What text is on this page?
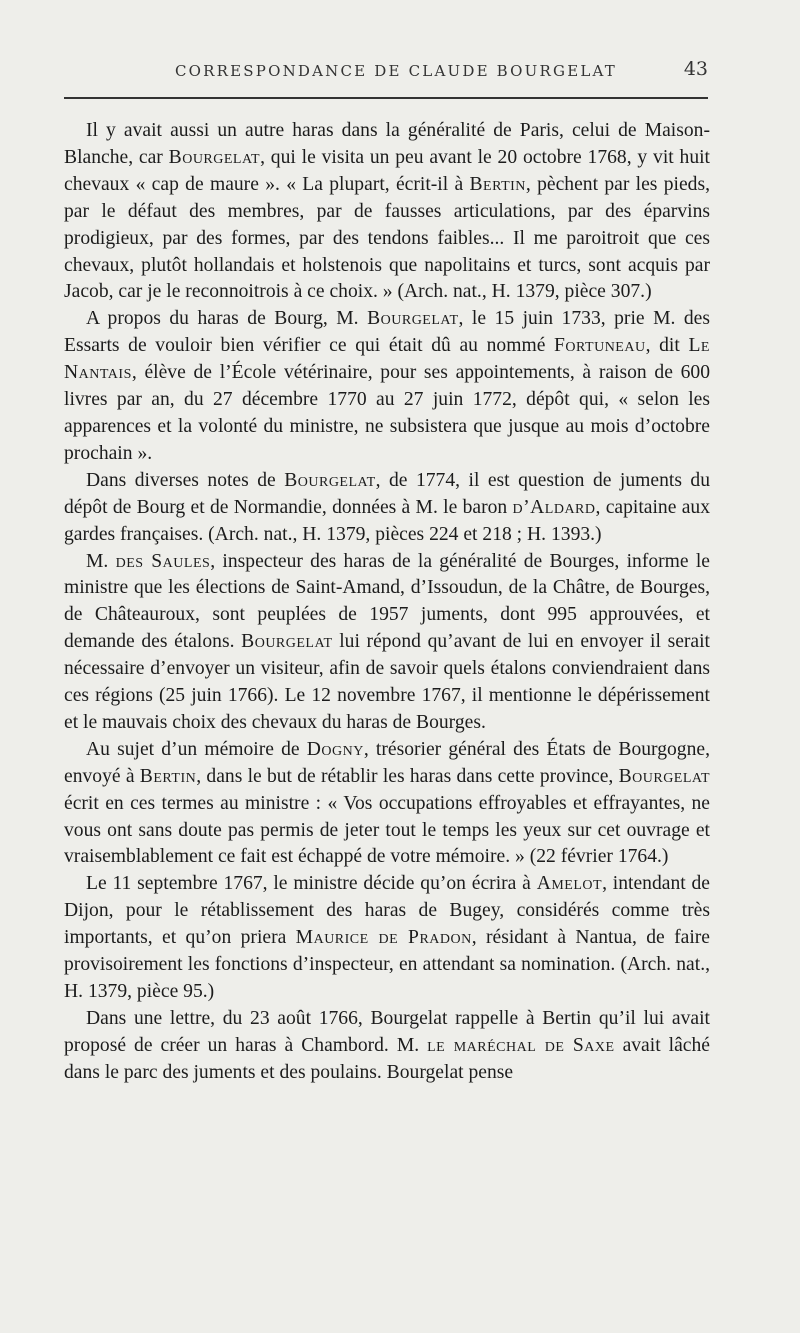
CORRESPONDANCE DE CLAUDE BOURGELAT	43

Il y avait aussi un autre haras dans la généralité de Paris, celui de Maison-Blanche, car Bourgelat, qui le visita un peu avant le 20 octobre 1768, y vit huit chevaux « cap de maure ». « La plupart, écrit-il à Bertin, pèchent par les pieds, par le défaut des membres, par de fausses articulations, par des éparvins prodigieux, par des formes, par des tendons faibles... Il me paroitroit que ces chevaux, plutôt hollandais et holstenois que napolitains et turcs, sont acquis par Jacob, car je le reconnoitrois à ce choix. » (Arch. nat., H. 1379, pièce 307.)

A propos du haras de Bourg, M. Bourgelat, le 15 juin 1733, prie M. des Essarts de vouloir bien vérifier ce qui était dû au nommé Fortuneau, dit Le Nantais, élève de l’École vétérinaire, pour ses appointements, à raison de 600 livres par an, du 27 décembre 1770 au 27 juin 1772, dépôt qui, « selon les apparences et la volonté du ministre, ne subsistera que jusque au mois d’octobre prochain ».

Dans diverses notes de Bourgelat, de 1774, il est question de juments du dépôt de Bourg et de Normandie, données à M. le baron d’Aldard, capitaine aux gardes françaises. (Arch. nat., H. 1379, pièces 224 et 218 ; H. 1393.)

M. des Saules, inspecteur des haras de la généralité de Bourges, informe le ministre que les élections de Saint-Amand, d’Issoudun, de la Châtre, de Bourges, de Châteauroux, sont peuplées de 1957 juments, dont 995 approuvées, et demande des étalons. Bourgelat lui répond qu’avant de lui en envoyer il serait nécessaire d’envoyer un visiteur, afin de savoir quels étalons conviendraient dans ces régions (25 juin 1766). Le 12 novembre 1767, il mentionne le dépérissement et le mauvais choix des chevaux du haras de Bourges.

Au sujet d’un mémoire de Dogny, trésorier général des États de Bourgogne, envoyé à Bertin, dans le but de rétablir les haras dans cette province, Bourgelat écrit en ces termes au ministre : « Vos occupations effroyables et effrayantes, ne vous ont sans doute pas permis de jeter tout le temps les yeux sur cet ouvrage et vraisemblablement ce fait est échappé de votre mémoire. » (22 février 1764.)

Le 11 septembre 1767, le ministre décide qu’on écrira à Amelot, intendant de Dijon, pour le rétablissement des haras de Bugey, considérés comme très importants, et qu’on priera Maurice de Pradon, résidant à Nantua, de faire provisoirement les fonctions d’inspecteur, en attendant sa nomination. (Arch. nat., H. 1379, pièce 95.)

Dans une lettre, du 23 août 1766, Bourgelat rappelle à Bertin qu’il lui avait proposé de créer un haras à Chambord. M. le maréchal de Saxe avait lâché dans le parc des juments et des poulains. Bourgelat pense
